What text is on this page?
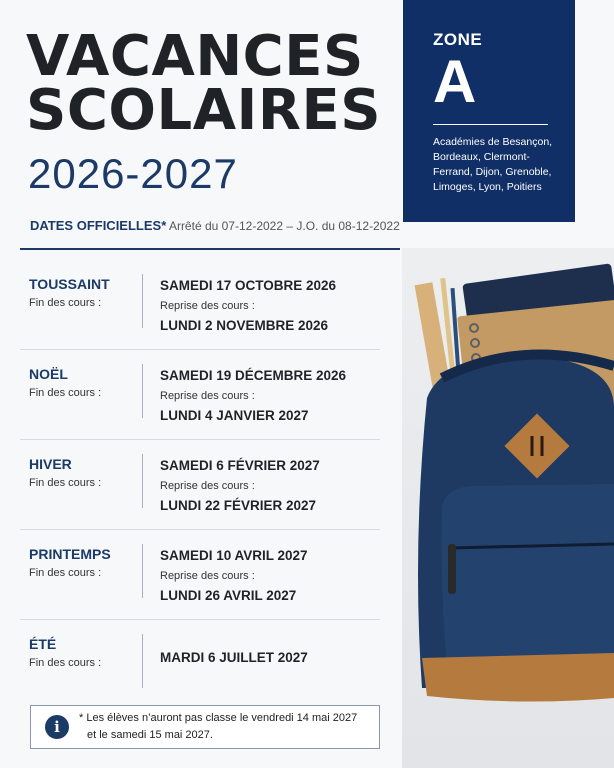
VACANCES
SCOLAIRES
2026-2027
DATES OFFICIELLES* Arrêté du 07-12-2022 – J.O. du 08-12-2022
ZONE
A
Académies de Besançon, Bordeaux, Clermont-Ferrand, Dijon, Grenoble, Limoges, Lyon, Poitiers
TOUSSAINT
Fin des cours :
SAMEDI 17 OCTOBRE 2026
Reprise des cours :
LUNDI 2 NOVEMBRE 2026
NOËL
Fin des cours :
SAMEDI 19 DÉCEMBRE 2026
Reprise des cours :
LUNDI 4 JANVIER 2027
HIVER
Fin des cours :
SAMEDI 6 FÉVRIER 2027
Reprise des cours :
LUNDI 22 FÉVRIER 2027
PRINTEMPS
Fin des cours :
SAMEDI 10 AVRIL 2027
Reprise des cours :
LUNDI 26 AVRIL 2027
ÉTÉ
Fin des cours :	MARDI 6 JUILLET 2027
i	* Les élèves n’auront pas classe le vendredi 14 mai 2027
et le samedi 15 mai 2027.
